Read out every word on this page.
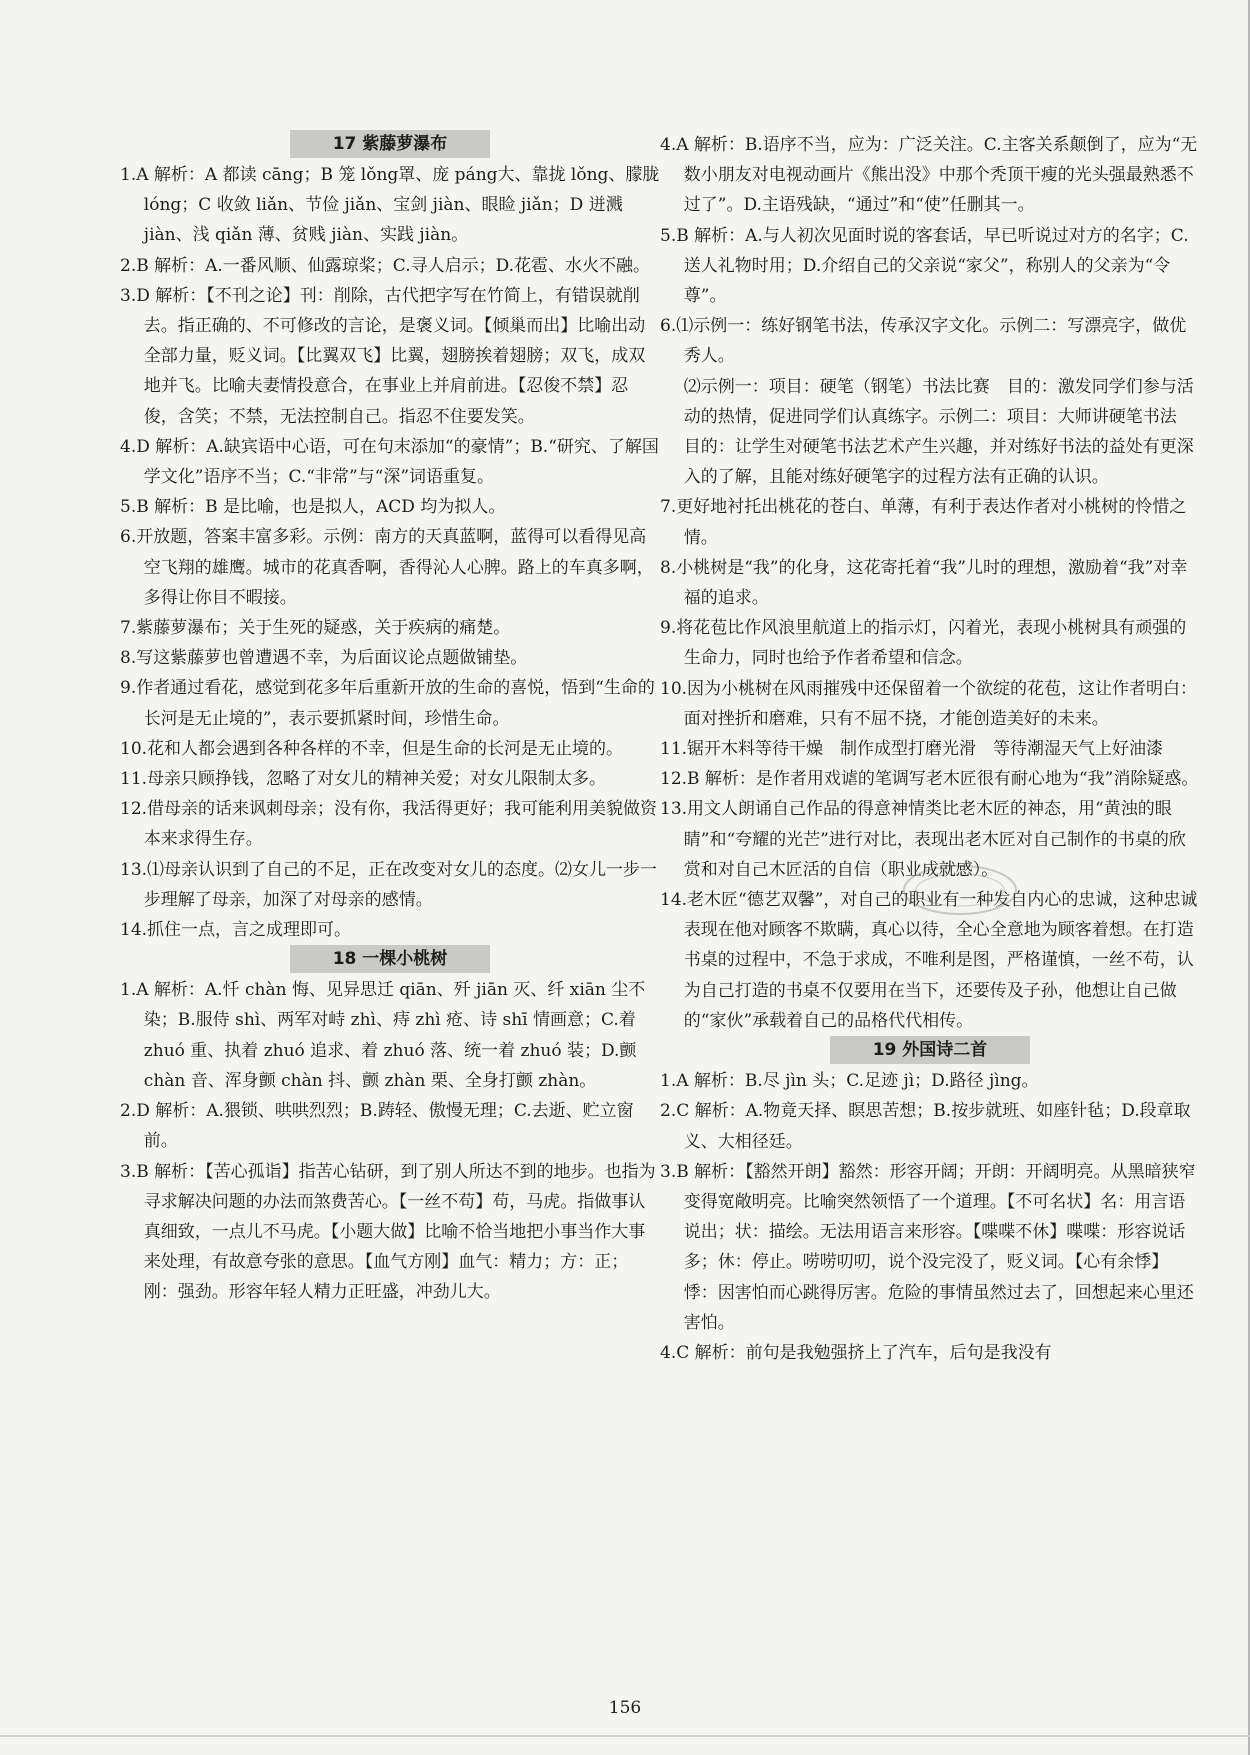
17 紫藤萝瀑布

1.A 解析：A 都读 cāng；B 笼 lǒng罩、庞 páng大、靠拢 lǒng、朦胧 lóng；C 收敛 liǎn、节俭 jiǎn、宝剑 jiàn、眼睑 jiǎn；D 迸溅 jiàn、浅 qiǎn 薄、贫贱 jiàn、实践 jiàn。

2.B 解析：A.一番风顺、仙露琼桨；C.寻人启示；D.花雹、水火不融。

3.D 解析：【不刊之论】刊：削除，古代把字写在竹简上，有错误就削去。指正确的、不可修改的言论，是褒义词。【倾巢而出】比喻出动全部力量，贬义词。【比翼双飞】比翼，翅膀挨着翅膀；双飞，成双地并飞。比喻夫妻情投意合，在事业上并肩前进。【忍俊不禁】忍俊，含笑；不禁，无法控制自己。指忍不住要发笑。

4.D 解析：A.缺宾语中心语，可在句末添加“的豪情”；B.“研究、了解国学文化”语序不当；C.“非常”与“深”词语重复。

5.B 解析：B 是比喻，也是拟人，ACD 均为拟人。

6.开放题，答案丰富多彩。示例：南方的天真蓝啊，蓝得可以看得见高空飞翔的雄鹰。城市的花真香啊，香得沁人心脾。路上的车真多啊，多得让你目不暇接。

7.紫藤萝瀑布；关于生死的疑惑，关于疾病的痛楚。

8.写这紫藤萝也曾遭遇不幸，为后面议论点题做铺垫。

9.作者通过看花，感觉到花多年后重新开放的生命的喜悦，悟到“生命的长河是无止境的”，表示要抓紧时间，珍惜生命。

10.花和人都会遇到各种各样的不幸，但是生命的长河是无止境的。

11.母亲只顾挣钱，忽略了对女儿的精神关爱；对女儿限制太多。

12.借母亲的话来讽刺母亲；没有你，我活得更好；我可能利用美貌做资本来求得生存。

13.⑴母亲认识到了自己的不足，正在改变对女儿的态度。⑵女儿一步一步理解了母亲，加深了对母亲的感情。

14.抓住一点，言之成理即可。

18 一棵小桃树

1.A 解析：A.忏 chàn 悔、见异思迁 qiān、歼 jiān 灭、纤 xiān 尘不染；B.服侍 shì、两军对峙 zhì、痔 zhì 疮、诗 shī 情画意；C.着 zhuó 重、执着 zhuó 追求、着 zhuó 落、统一着 zhuó 装；D.颤 chàn 音、浑身颤 chàn 抖、颤 zhàn 栗、全身打颤 zhàn。

2.D 解析：A.猥锁、哄哄烈烈；B.踌轻、傲慢无理；C.去逝、贮立窗前。

3.B 解析：【苦心孤诣】指苦心钻研，到了别人所达不到的地步。也指为寻求解决问题的办法而煞费苦心。【一丝不苟】苟，马虎。指做事认真细致，一点儿不马虎。【小题大做】比喻不恰当地把小事当作大事来处理，有故意夸张的意思。【血气方刚】血气：精力；方：正；刚：强劲。形容年轻人精力正旺盛，冲劲儿大。

4.A 解析：B.语序不当，应为：广泛关注。C.主客关系颠倒了，应为“无数小朋友对电视动画片《熊出没》中那个秃顶干瘦的光头强最熟悉不过了”。D.主语残缺，“通过”和“使”任删其一。

5.B 解析：A.与人初次见面时说的客套话，早已听说过对方的名字；C.送人礼物时用；D.介绍自己的父亲说“家父”，称别人的父亲为“令尊”。

6.⑴示例一：练好钢笔书法，传承汉字文化。示例二：写漂亮字，做优秀人。

⑵示例一：项目：硬笔（钢笔）书法比赛　目的：激发同学们参与活动的热情，促进同学们认真练字。示例二：项目：大师讲硬笔书法　目的：让学生对硬笔书法艺术产生兴趣，并对练好书法的益处有更深入的了解，且能对练好硬笔字的过程方法有正确的认识。

7.更好地衬托出桃花的苍白、单薄，有利于表达作者对小桃树的怜惜之情。

8.小桃树是“我”的化身，这花寄托着“我”儿时的理想，激励着“我”对幸福的追求。

9.将花苞比作风浪里航道上的指示灯，闪着光，表现小桃树具有顽强的生命力，同时也给予作者希望和信念。

10.因为小桃树在风雨摧残中还保留着一个欲绽的花苞，这让作者明白：面对挫折和磨难，只有不屈不挠，才能创造美好的未来。

11.锯开木料等待干燥　制作成型打磨光滑　等待潮湿天气上好油漆

12.B 解析：是作者用戏谑的笔调写老木匠很有耐心地为“我”消除疑惑。

13.用文人朗诵自己作品的得意神情类比老木匠的神态，用“黄浊的眼睛”和“夸耀的光芒”进行对比，表现出老木匠对自己制作的书桌的欣赏和对自己木匠活的自信（职业成就感）。

14.老木匠“德艺双馨”，对自己的职业有一种发自内心的忠诚，这种忠诚表现在他对顾客不欺瞒，真心以待，全心全意地为顾客着想。在打造书桌的过程中，不急于求成，不唯利是图，严格谨慎，一丝不苟，认为自己打造的书桌不仅要用在当下，还要传及子孙，他想让自己做的“家伙”承载着自己的品格代代相传。

19 外国诗二首

1.A 解析：B.尽 jìn 头；C.足迹 jì；D.路径 jìng。

2.C 解析：A.物竟天择、瞑思苦想；B.按步就班、如座针毡；D.段章取义、大相径廷。

3.B 解析：【豁然开朗】豁然：形容开阔；开朗：开阔明亮。从黑暗狭窄变得宽敞明亮。比喻突然领悟了一个道理。【不可名状】名：用言语说出；状：描绘。无法用语言来形容。【喋喋不休】喋喋：形容说话多；休：停止。唠唠叨叨，说个没完没了，贬义词。【心有余悸】悸：因害怕而心跳得厉害。危险的事情虽然过去了，回想起来心里还害怕。

4.C 解析：前句是我勉强挤上了汽车，后句是我没有

156
